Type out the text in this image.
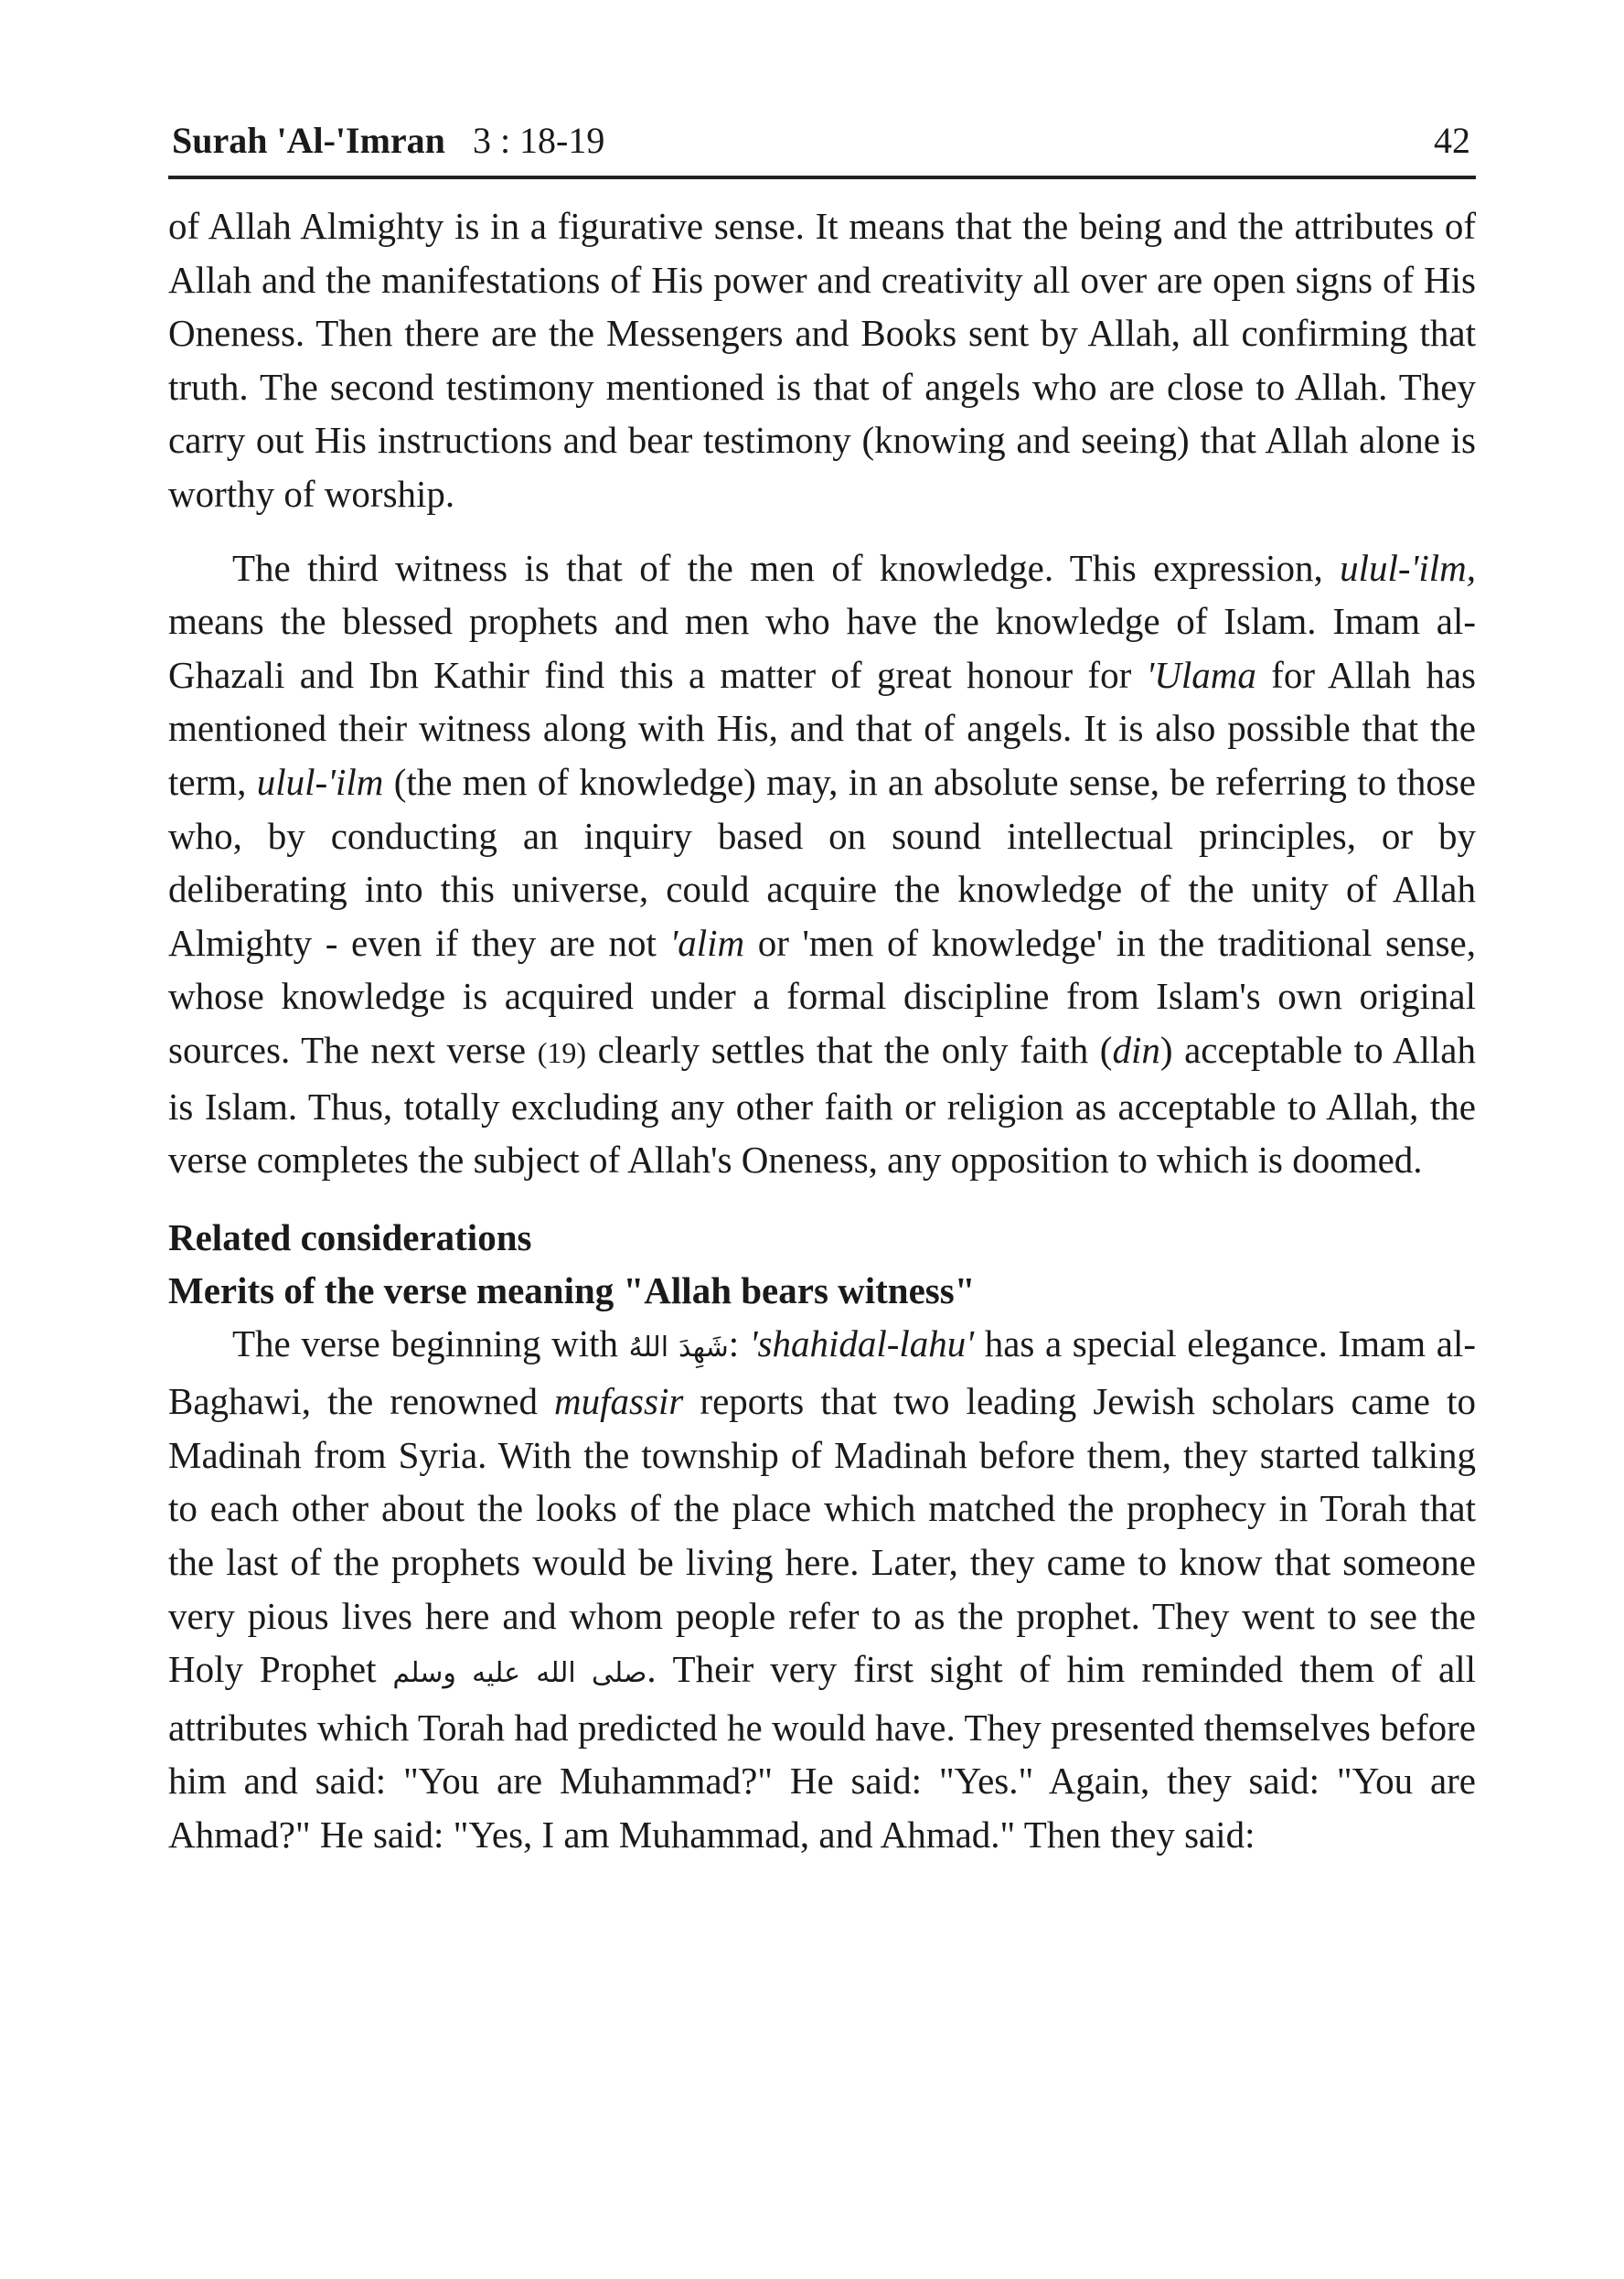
Surah 'Al-'Imran 3 : 18-19	42

of Allah Almighty is in a figurative sense. It means that the being and the attributes of Allah and the manifestations of His power and creativity all over are open signs of His Oneness. Then there are the Messengers and Books sent by Allah, all confirming that truth. The second testimony mentioned is that of angels who are close to Allah. They carry out His instructions and bear testimony (knowing and seeing) that Allah alone is worthy of worship.

The third witness is that of the men of knowledge. This expression, ulul-'ilm, means the blessed prophets and men who have the knowledge of Islam. Imam al-Ghazali and Ibn Kathir find this a matter of great honour for 'Ulama for Allah has mentioned their witness along with His, and that of angels. It is also possible that the term, ulul-'ilm (the men of knowledge) may, in an absolute sense, be referring to those who, by conducting an inquiry based on sound intellectual principles, or by deliberating into this universe, could acquire the knowledge of the unity of Allah Almighty - even if they are not 'alim or 'men of knowledge' in the traditional sense, whose knowledge is acquired under a formal discipline from Islam's own original sources. The next verse (19) clearly settles that the only faith (din) acceptable to Allah is Islam. Thus, totally excluding any other faith or religion as acceptable to Allah, the verse completes the subject of Allah's Oneness, any opposition to which is doomed.

Related considerations

Merits of the verse meaning "Allah bears witness"

The verse beginning with شَهِدَ اللهُ: 'shahidal-lahu' has a special elegance. Imam al-Baghawi, the renowned mufassir reports that two leading Jewish scholars came to Madinah from Syria. With the township of Madinah before them, they started talking to each other about the looks of the place which matched the prophecy in Torah that the last of the prophets would be living here. Later, they came to know that someone very pious lives here and whom people refer to as the prophet. They went to see the Holy Prophet صلى الله عليه وسلم. Their very first sight of him reminded them of all attributes which Torah had predicted he would have. They presented themselves before him and said: "You are Muhammad?" He said: "Yes." Again, they said: "You are Ahmad?" He said: "Yes, I am Muhammad, and Ahmad." Then they said:
